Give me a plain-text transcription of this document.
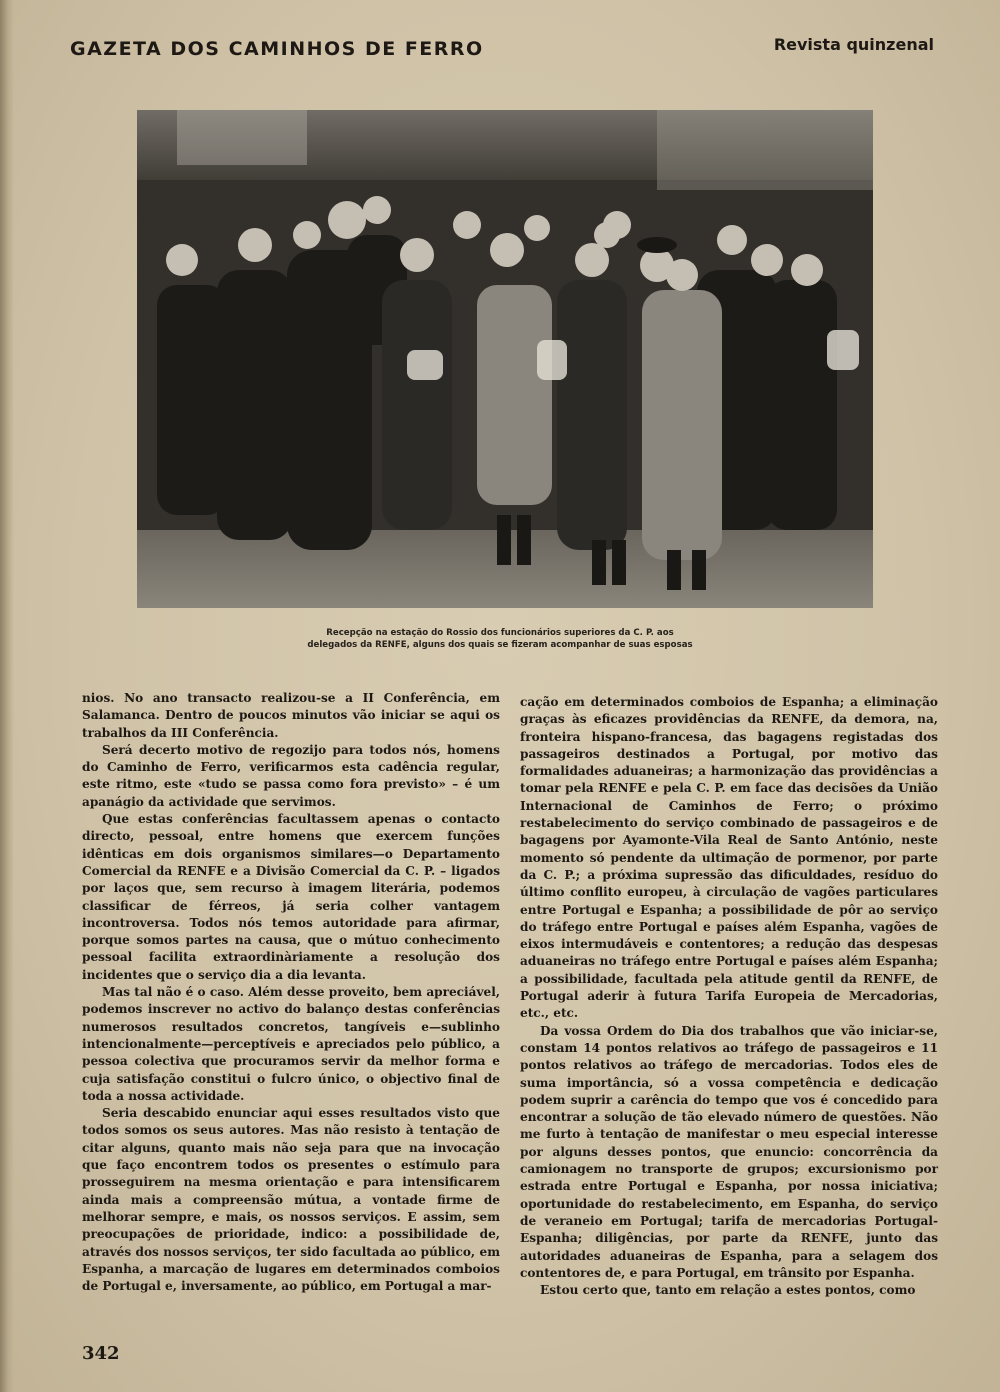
GAZETA DOS CAMINHOS DE FERRO	Revista quinzenal
Recepção na estação do Rossio dos funcionários superiores da C. P. aos
delegados da RENFE, alguns dos quais se fizeram acompanhar de suas esposas

nios. No ano transacto realizou-se a II Conferência, em Salamanca. Dentro de poucos minutos vão iniciar se aqui os trabalhos da III Conferência.

Será decerto motivo de regozijo para todos nós, homens do Caminho de Ferro, verificarmos esta cadência regular, este ritmo, este «tudo se passa como fora previsto» – é um apanágio da actividade que servimos.

Que estas conferências facultassem apenas o contacto directo, pessoal, entre homens que exercem funções idênticas em dois organismos similares—o Departamento Comercial da RENFE e a Divisão Comercial da C. P. – ligados por laços que, sem recurso à imagem literária, podemos classificar de férreos, já seria colher vantagem incontroversa. Todos nós temos autoridade para afirmar, porque somos partes na causa, que o mútuo conhecimento pessoal facilita extraordinàriamente a resolução dos incidentes que o serviço dia a dia levanta.

Mas tal não é o caso. Além desse proveito, bem apreciável, podemos inscrever no activo do balanço destas conferências numerosos resultados concretos, tangíveis e—sublinho intencionalmente—perceptíveis e apreciados pelo público, a pessoa colectiva que procuramos servir da melhor forma e cuja satisfação constitui o fulcro único, o objectivo final de toda a nossa actividade.

Seria descabido enunciar aqui esses resultados visto que todos somos os seus autores. Mas não resisto à tentação de citar alguns, quanto mais não seja para que na invocação que faço encontrem todos os presentes o estímulo para prosseguirem na mesma orientação e para intensificarem ainda mais a compreensão mútua, a vontade firme de melhorar sempre, e mais, os nossos serviços. E assim, sem preocupações de prioridade, indico: a possibilidade de, através dos nossos serviços, ter sido facultada ao público, em Espanha, a marcação de lugares em determinados comboios de Portugal e, inversamente, ao público, em Portugal a mar-

cação em determinados comboios de Espanha; a eliminação graças às eficazes providências da RENFE, da demora, na, fronteira hispano-francesa, das bagagens registadas dos passageiros destinados a Portugal, por motivo das formalidades aduaneiras; a harmonização das providências a tomar pela RENFE e pela C. P. em face das decisões da União Internacional de Caminhos de Ferro; o próximo restabelecimento do serviço combinado de passageiros e de bagagens por Ayamonte-Vila Real de Santo António, neste momento só pendente da ultimação de pormenor, por parte da C. P.; a próxima supressão das dificuldades, resíduo do último conflito europeu, à circulação de vagões particulares entre Portugal e Espanha; a possibilidade de pôr ao serviço do tráfego entre Portugal e países além Espanha, vagões de eixos intermudáveis e contentores; a redução das despesas aduaneiras no tráfego entre Portugal e países além Espanha; a possibilidade, facultada pela atitude gentil da RENFE, de Portugal aderir à futura Tarifa Europeia de Mercadorias, etc., etc.

Da vossa Ordem do Dia dos trabalhos que vão iniciar-se, constam 14 pontos relativos ao tráfego de passageiros e 11 pontos relativos ao tráfego de mercadorias. Todos eles de suma importância, só a vossa competência e dedicação podem suprir a carência do tempo que vos é concedido para encontrar a solução de tão elevado número de questões. Não me furto à tentação de manifestar o meu especial interesse por alguns desses pontos, que enuncio: concorrência da camionagem no transporte de grupos; excursionismo por estrada entre Portugal e Espanha, por nossa iniciativa; oportunidade do restabelecimento, em Espanha, do serviço de veraneio em Portugal; tarifa de mercadorias Portugal-Espanha; diligências, por parte da RENFE, junto das autoridades aduaneiras de Espanha, para a selagem dos contentores de, e para Portugal, em trânsito por Espanha.

Estou certo que, tanto em relação a estes pontos, como

342
